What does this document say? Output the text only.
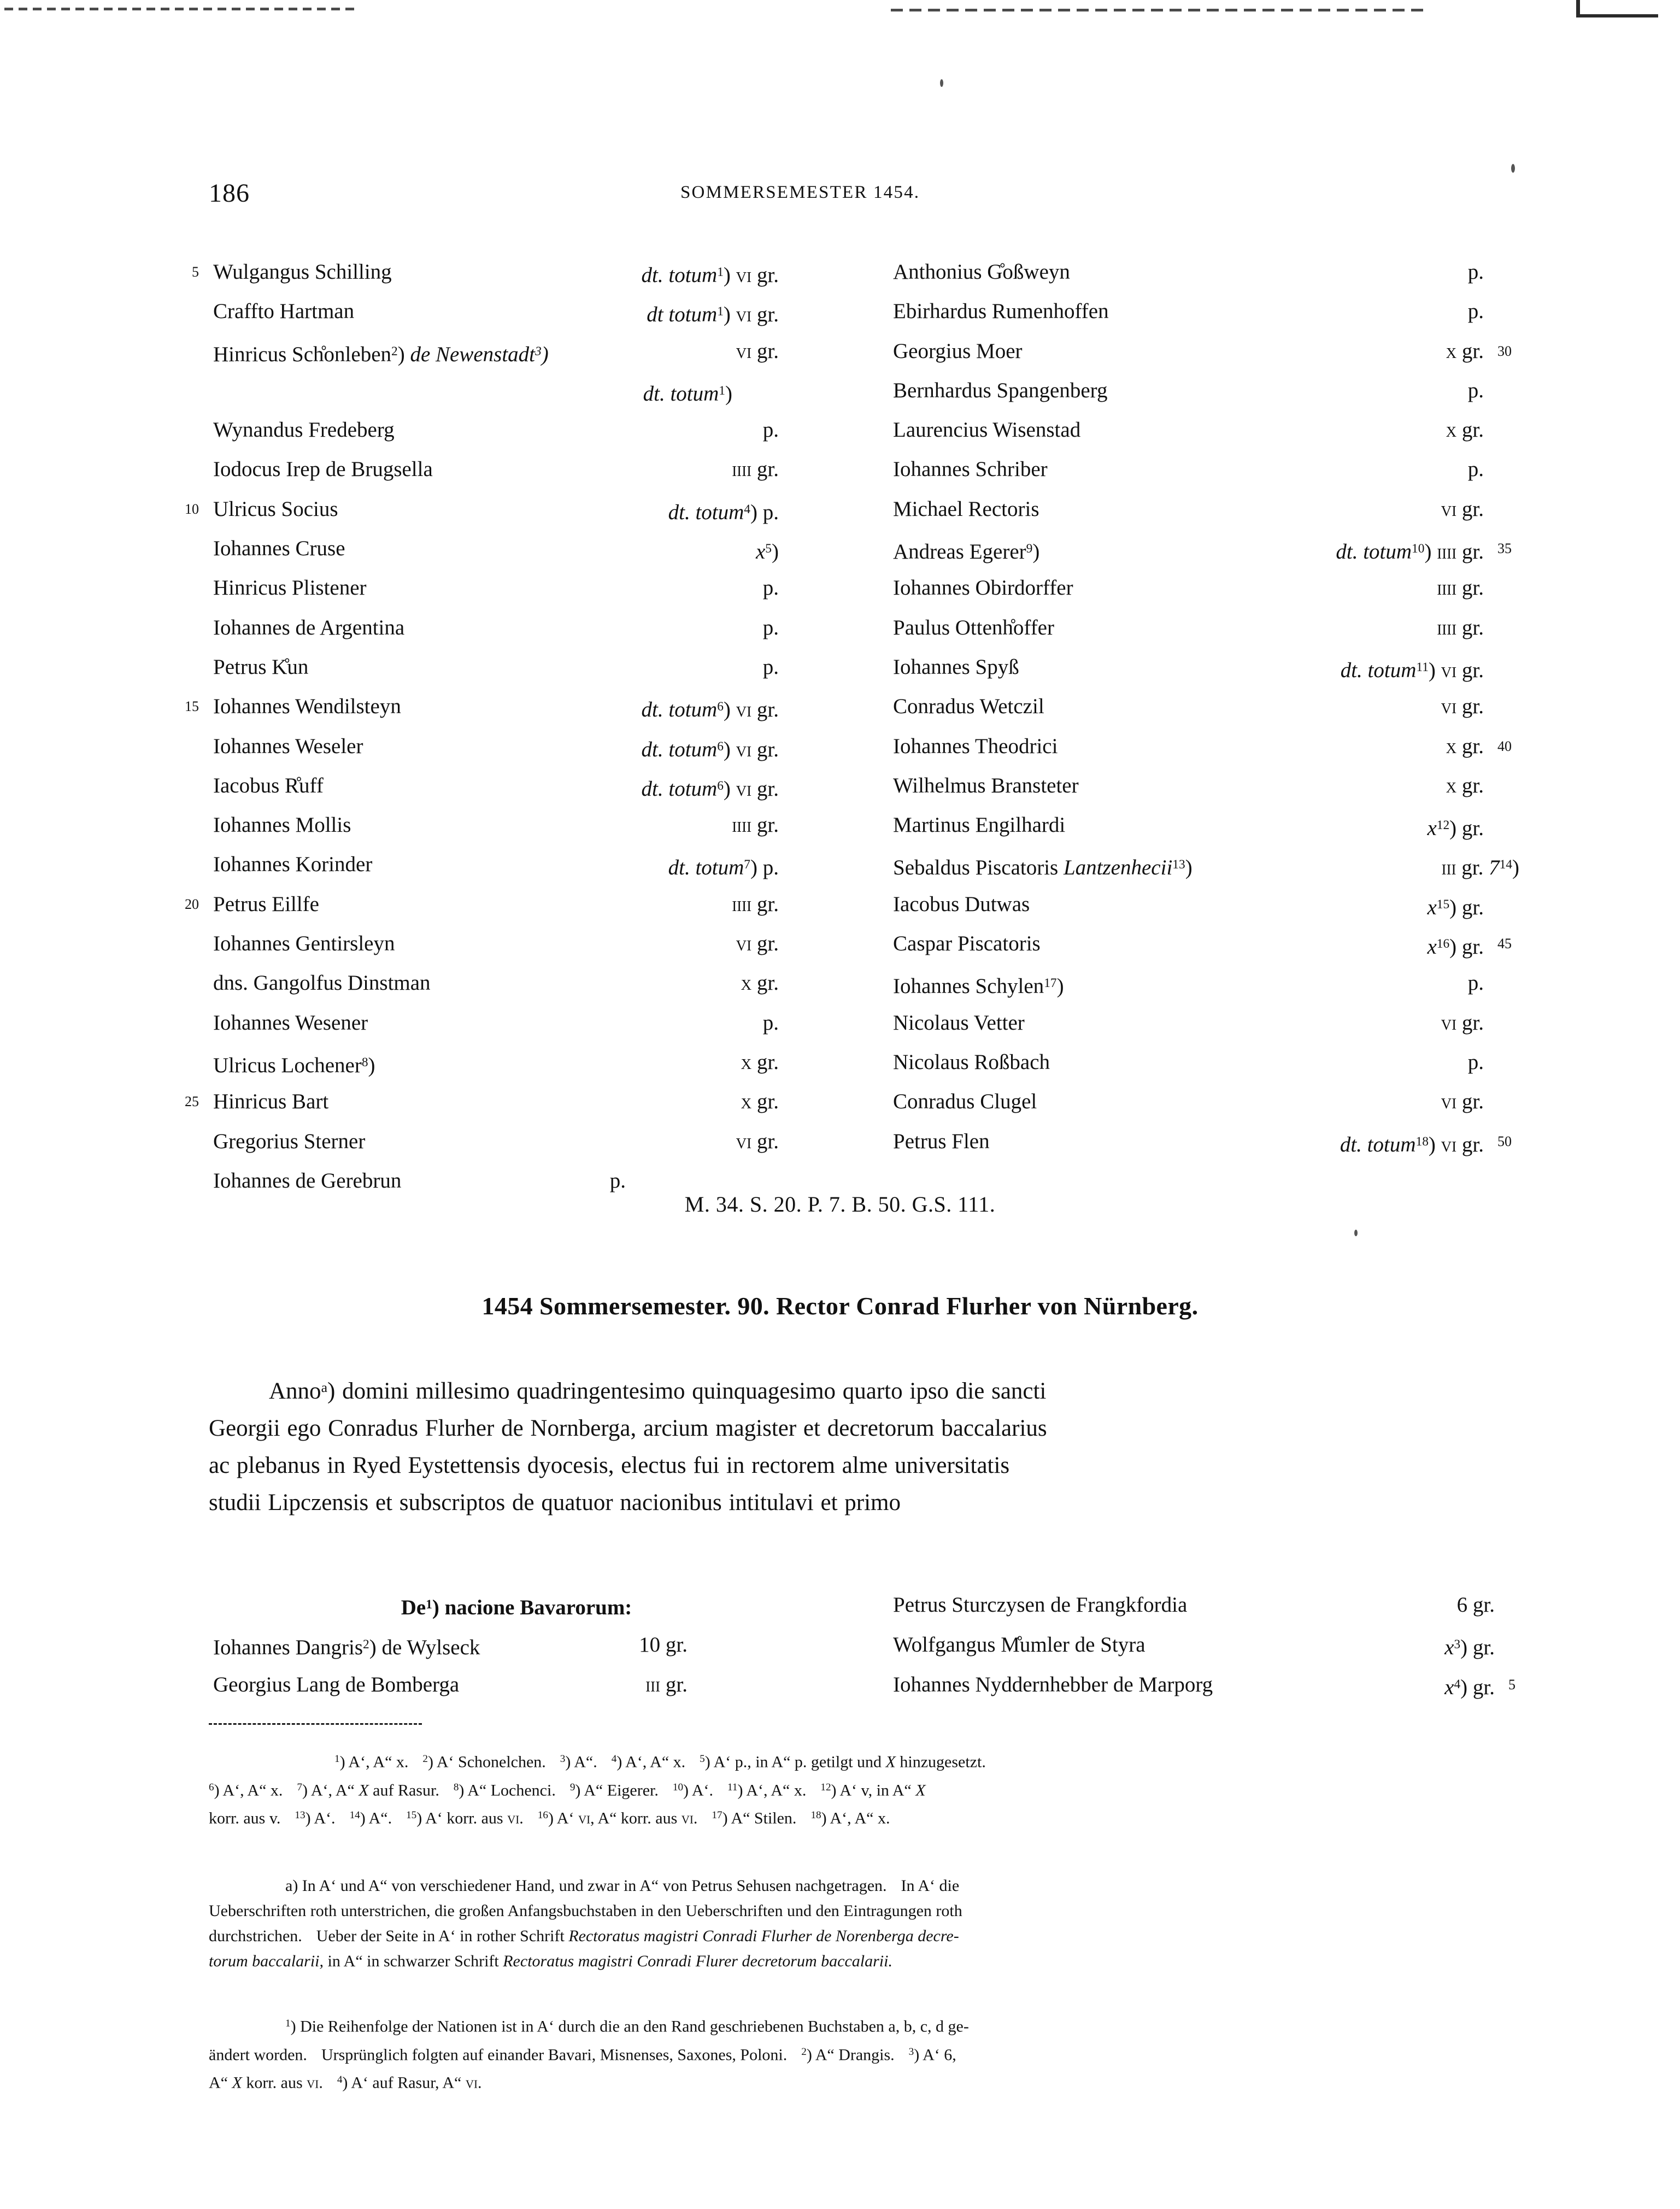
186	SOMMERSEMESTER 1454.
5 Wulgangus Schilling	dt. totum$^1$) vi gr.
Craffto Hartman	dt totum$^1$) vi gr.
Hinricus Sch̊onleben$^2$) de Newenstadt$^3$)	vi gr.
dt. totum$^1$)
Wynandus Fredeberg	p.
Iodocus Irep de Brugsella	iiii gr.
10 Ulricus Socius	dt. totum$^4$) p.
Iohannes Cruse	$x^5$)
Hinricus Plistener	p.
Iohannes de Argentina	p.
Petrus K̊un	p.
15 Iohannes Wendilsteyn	dt. totum$^6$) vi gr.
Iohannes Weseler	dt. totum$^6$) vi gr.
Iacobus R̊uff	dt. totum$^6$) vi gr.
Iohannes Mollis	iiii gr.
Iohannes Korinder	dt. totum$^7$) p.
20 Petrus Eillfe	iiii gr.
Iohannes Gentirsleyn	vi gr.
dns. Gangolfus Dinstman	x gr.
Iohannes Wesener	p.
Ulricus Lochener$^8$)	x gr.
25 Hinricus Bart	x gr.
Gregorius Sterner	vi gr.
Iohannes de Gerebrun	p.
Anthonius G̊oßweyn	p.
Ebirhardus Rumenhoffen	p.
Georgius Moer	x gr. 30
Bernhardus Spangenberg	p.
Laurencius Wisenstad	x gr.
Iohannes Schriber	p.
Michael Rectoris	vi gr.
Andreas Egerer$^9$)	dt. totum$^{10}$) iiii gr. 35
Iohannes Obirdorffer	iiii gr.
Paulus Ottenh̊offer	iiii gr.
Iohannes Spyß	dt. totum$^{11}$) vi gr.
Conradus Wetczil	vi gr.
Iohannes Theodrici	x gr. 40
Wilhelmus Bransteter	x gr.
Martinus Engilhardi	$x^{12}$) gr.
Sebaldus Piscatoris Lantzenhecii$^{13}$)	iii gr. $7^{14}$)
Iacobus Dutwas	$x^{15}$) gr.
Caspar Piscatoris	$x^{16}$) gr. 45
Iohannes Schylen$^{17}$)	p.
Nicolaus Vetter	vi gr.
Nicolaus Roßbach	p.
Conradus Clugel	vi gr.
Petrus Flen	dt. totum$^{18}$) vi gr. 50
M. 34. S. 20. P. 7. B. 50. G.S. 111.
1454 Sommersemester. 90. Rector Conrad Flurher von Nürnberg.
Anno$^a$) domini millesimo quadringentesimo quinquagesimo quarto ipso die sancti
Georgii ego Conradus Flurher de Nornberga, arcium magister et decretorum baccalarius
ac plebanus in Ryed Eystettensis dyocesis, electus fui in rectorem alme universitatis
studii Lipczensis et subscriptos de quatuor nacionibus intitulavi et primo
De$^1$) nacione Bavarorum:
Iohannes Dangris$^2$) de Wylseck	10 gr.
Georgius Lang de Bomberga	iii gr.
Petrus Sturczysen de Frangkfordia	6 gr.
Wolfgangus M̊umler de Styra	$x^3$) gr.
Iohannes Nyddernhebber de Marporg	$x^4$) gr. 5

$^1$) A‘, A“ x. $^2$) A‘ Schonelchen. $^3$) A“. $^4$) A‘, A“ x. $^5$) A‘ p., in A“ p. getilgt und X hinzugesetzt.

$^6$) A‘, A“ x. $^7$) A‘, A“ X auf Rasur. $^8$) A“ Lochenci. $^9$) A“ Eigerer. $^{10}$) A‘. $^{11}$) A‘, A“ x. $^{12}$) A‘ v, in A“ X

korr. aus v. $^{13}$) A‘. $^{14}$) A“. $^{15}$) A‘ korr. aus vi. $^{16}$) A‘ vi, A“ korr. aus vi. $^{17}$) A“ Stilen. $^{18}$) A‘, A“ x.

a) In A‘ und A“ von verschiedener Hand, und zwar in A“ von Petrus Sehusen nachgetragen. In A‘ die

Ueberschriften roth unterstrichen, die großen Anfangsbuchstaben in den Ueberschriften und den Eintragungen roth

durchstrichen. Ueber der Seite in A‘ in rother Schrift Rectoratus magistri Conradi Flurher de Norenberga decre-

torum baccalarii, in A“ in schwarzer Schrift Rectoratus magistri Conradi Flurer decretorum baccalarii.

$^1$) Die Reihenfolge der Nationen ist in A‘ durch die an den Rand geschriebenen Buchstaben a, b, c, d ge-

ändert worden. Ursprünglich folgten auf einander Bavari, Misnenses, Saxones, Poloni. $^2$) A“ Drangis. $^3$) A‘ 6,

A“ X korr. aus vi. $^4$) A‘ auf Rasur, A“ vi.
